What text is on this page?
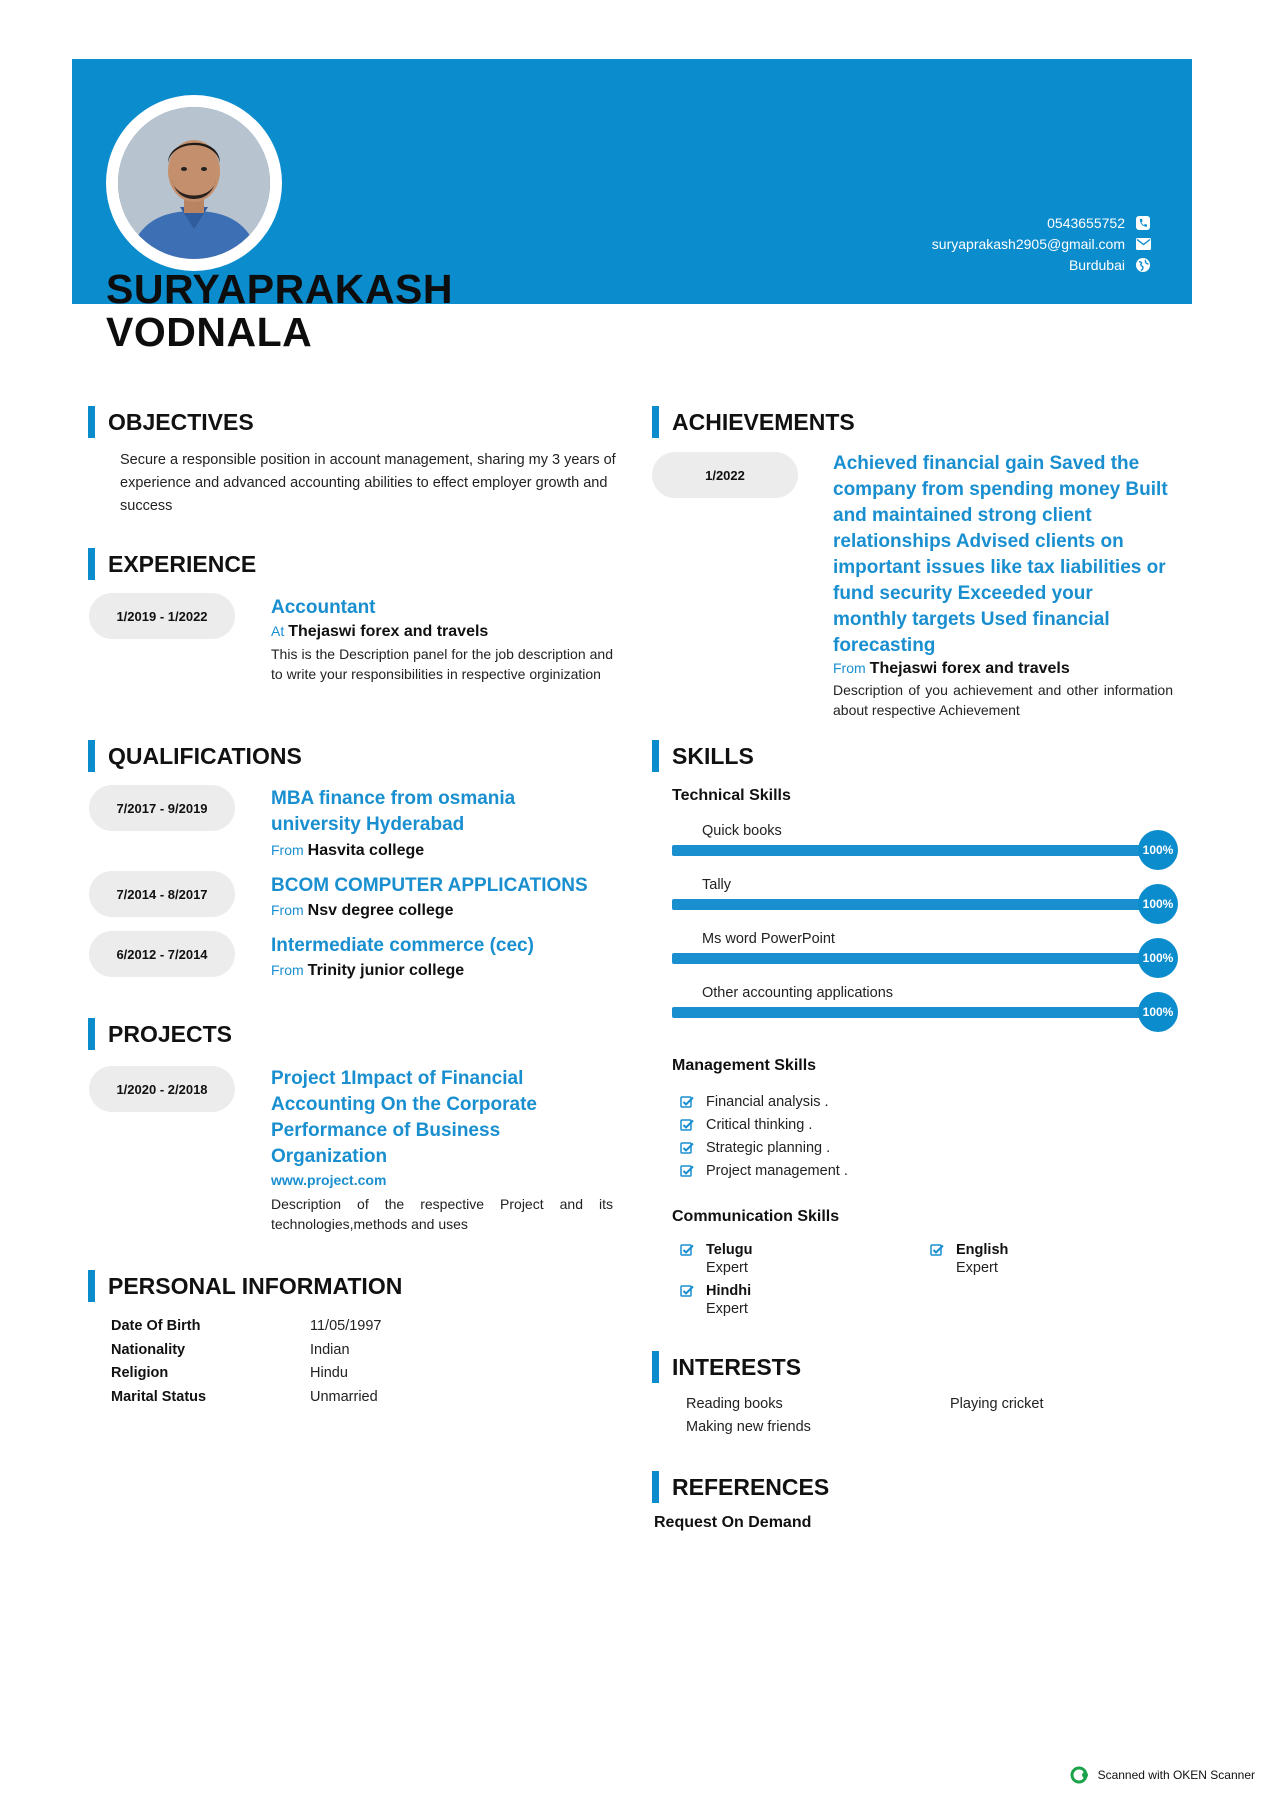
SURYAPRAKASH
VODNALA
0543655752
suryaprakash2905@gmail.com
Burdubai
OBJECTIVES
Secure a responsible position in account management, sharing my 3 years of experience and advanced accounting abilities to effect employer growth and success
EXPERIENCE
1/2019 - 1/2022	Accountant
At Thejaswi forex and travels
This is the Description panel for the job description and to write your responsibilities in respective orginization
QUALIFICATIONS
7/2017 - 9/2019	MBA finance from osmania university Hyderabad
From Hasvita college
7/2014 - 8/2017	BCOM COMPUTER APPLICATIONS
From Nsv degree college
6/2012 - 7/2014	Intermediate commerce (cec)
From Trinity junior college
PROJECTS
1/2020 - 2/2018	Project 1Impact of Financial Accounting On the Corporate Performance of Business Organization
www.project.com
Description of the respective Project and its technologies,methods and uses
PERSONAL INFORMATION
Date Of Birth	11/05/1997
Nationality	Indian
Religion	Hindu
Marital Status	Unmarried
ACHIEVEMENTS
1/2022
Achieved financial gain Saved the company from spending money Built and maintained strong client relationships Advised clients on important issues like tax liabilities or fund security Exceeded your monthly targets Used financial forecasting
From Thejaswi forex and travels
Description of you achievement and other information about respective Achievement
SKILLS
Technical Skills
Quick books
100%
Tally
100%
Ms word PowerPoint
100%
Other accounting applications
100%
Management Skills
Financial analysis .
Critical thinking .
Strategic planning .
Project management .
Communication Skills
Telugu
Expert
English
Expert
Hindhi
Expert
INTERESTS
Reading books	Playing cricket
Making new friends
REFERENCES
Request On Demand
Scanned with OKEN Scanner
